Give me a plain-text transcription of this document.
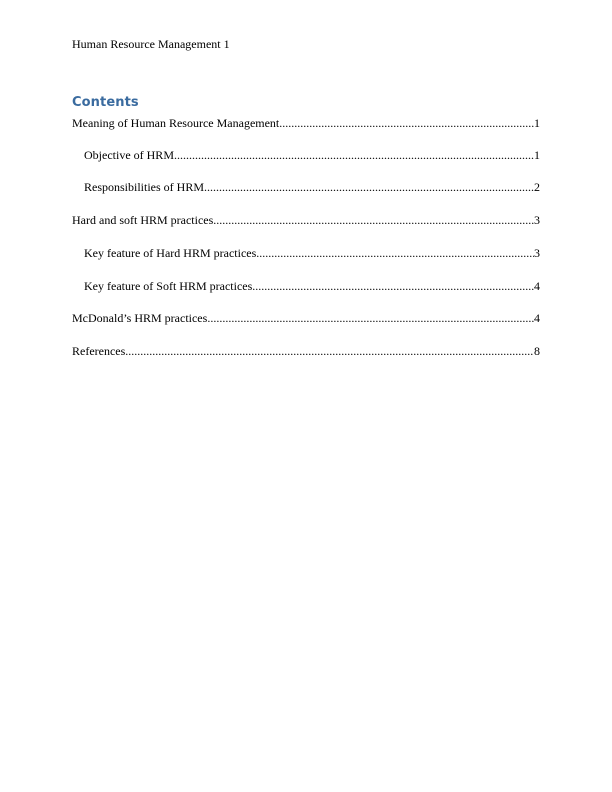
Human Resource Management 1
Contents
Meaning of Human Resource Management .....	1
Objective of HRM .....	1
Responsibilities of HRM .....	2
Hard and soft HRM practices .....	3
Key feature of Hard HRM practices .....	3
Key feature of Soft HRM practices .....	4
McDonald’s HRM practices .....	4
References .....	8
